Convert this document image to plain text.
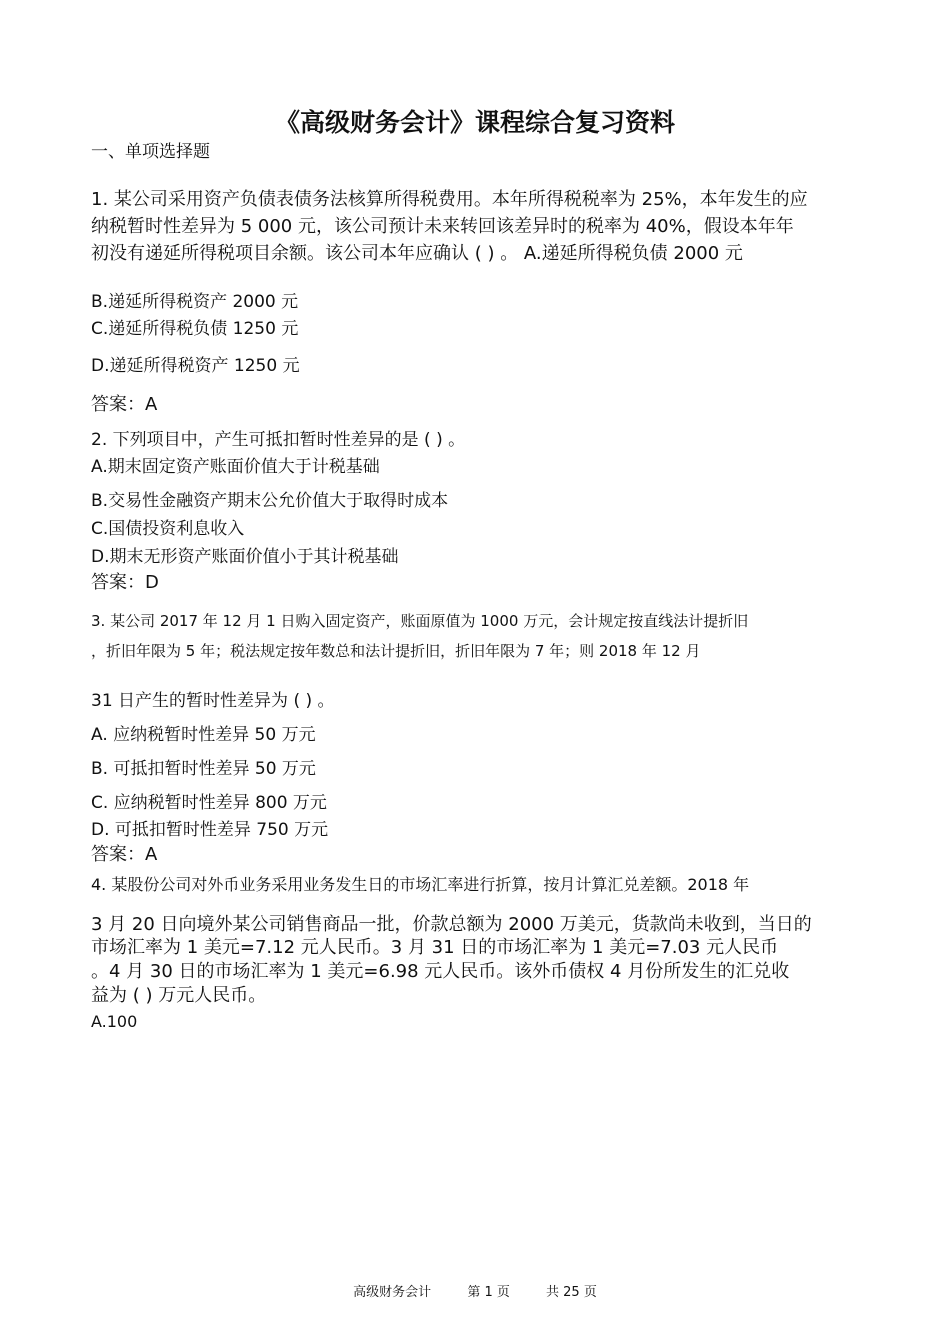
《高级财务会计》课程综合复习资料
一、单项选择题
1. 某公司采用资产负债表债务法核算所得税费用。本年所得税税率为 25%，本年发生的应
纳税暂时性差异为 5 000 元，该公司预计未来转回该差异时的税率为 40%，假设本年年
初没有递延所得税项目余额。该公司本年应确认 ( ) 。 A.递延所得税负债 2000 元
B.递延所得税资产 2000 元
C.递延所得税负债 1250 元
D.递延所得税资产 1250 元
答案：A
2. 下列项目中，产生可抵扣暂时性差异的是 ( ) 。
A.期末固定资产账面价值大于计税基础
B.交易性金融资产期末公允价值大于取得时成本
C.国债投资利息收入
D.期末无形资产账面价值小于其计税基础
答案：D
3. 某公司 2017 年 12 月 1 日购入固定资产，账面原值为 1000 万元，会计规定按直线法计提折旧
，折旧年限为 5 年；税法规定按年数总和法计提折旧，折旧年限为 7 年；则 2018 年 12 月
31 日产生的暂时性差异为 ( ) 。
A. 应纳税暂时性差异 50 万元
B. 可抵扣暂时性差异 50 万元
C. 应纳税暂时性差异 800 万元
D. 可抵扣暂时性差异 750 万元
答案：A
4. 某股份公司对外币业务采用业务发生日的市场汇率进行折算，按月计算汇兑差额。2018 年
3 月 20 日向境外某公司销售商品一批，价款总额为 2000 万美元，货款尚未收到，当日的
市场汇率为 1 美元=7.12 元人民币。3 月 31 日的市场汇率为 1 美元=7.03 元人民币
。4 月 30 日的市场汇率为 1 美元=6.98 元人民币。该外币债权 4 月份所发生的汇兑收
益为 ( ) 万元人民币。
A.100
高级财务会计	第 1 页	共 25 页
